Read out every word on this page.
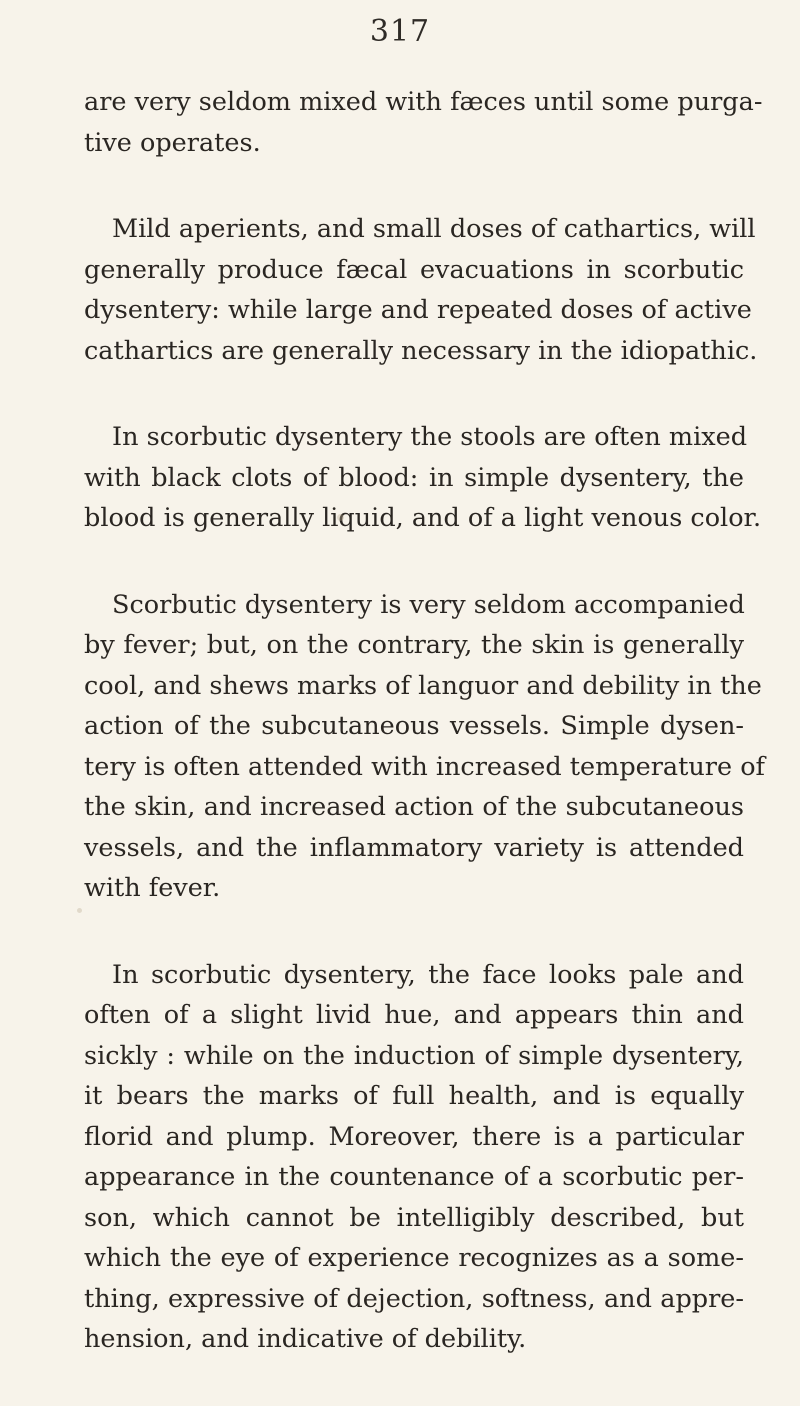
317
are very seldom mixed with fæces until some purga-
tive operates.
Mild aperients, and small doses of cathartics, will
generally produce fæcal evacuations in scorbutic
dysentery: while large and repeated doses of active
cathartics are generally necessary in the idiopathic.
In scorbutic dysentery the stools are often mixed
with black clots of blood: in simple dysentery, the
blood is generally liquid, and of a light venous color.
Scorbutic dysentery is very seldom accompanied
by fever; but, on the contrary, the skin is generally
cool, and shews marks of languor and debility in the
action of the subcutaneous vessels. Simple dysen-
tery is often attended with increased temperature of
the skin, and increased action of the subcutaneous
vessels, and the inflammatory variety is attended
with fever.
In scorbutic dysentery, the face looks pale and
often of a slight livid hue, and appears thin and
sickly : while on the induction of simple dysentery,
it bears the marks of full health, and is equally
florid and plump. Moreover, there is a particular
appearance in the countenance of a scorbutic per-
son, which cannot be intelligibly described, but
which the eye of experience recognizes as a some-
thing, expressive of dejection, softness, and appre-
hension, and indicative of debility.
